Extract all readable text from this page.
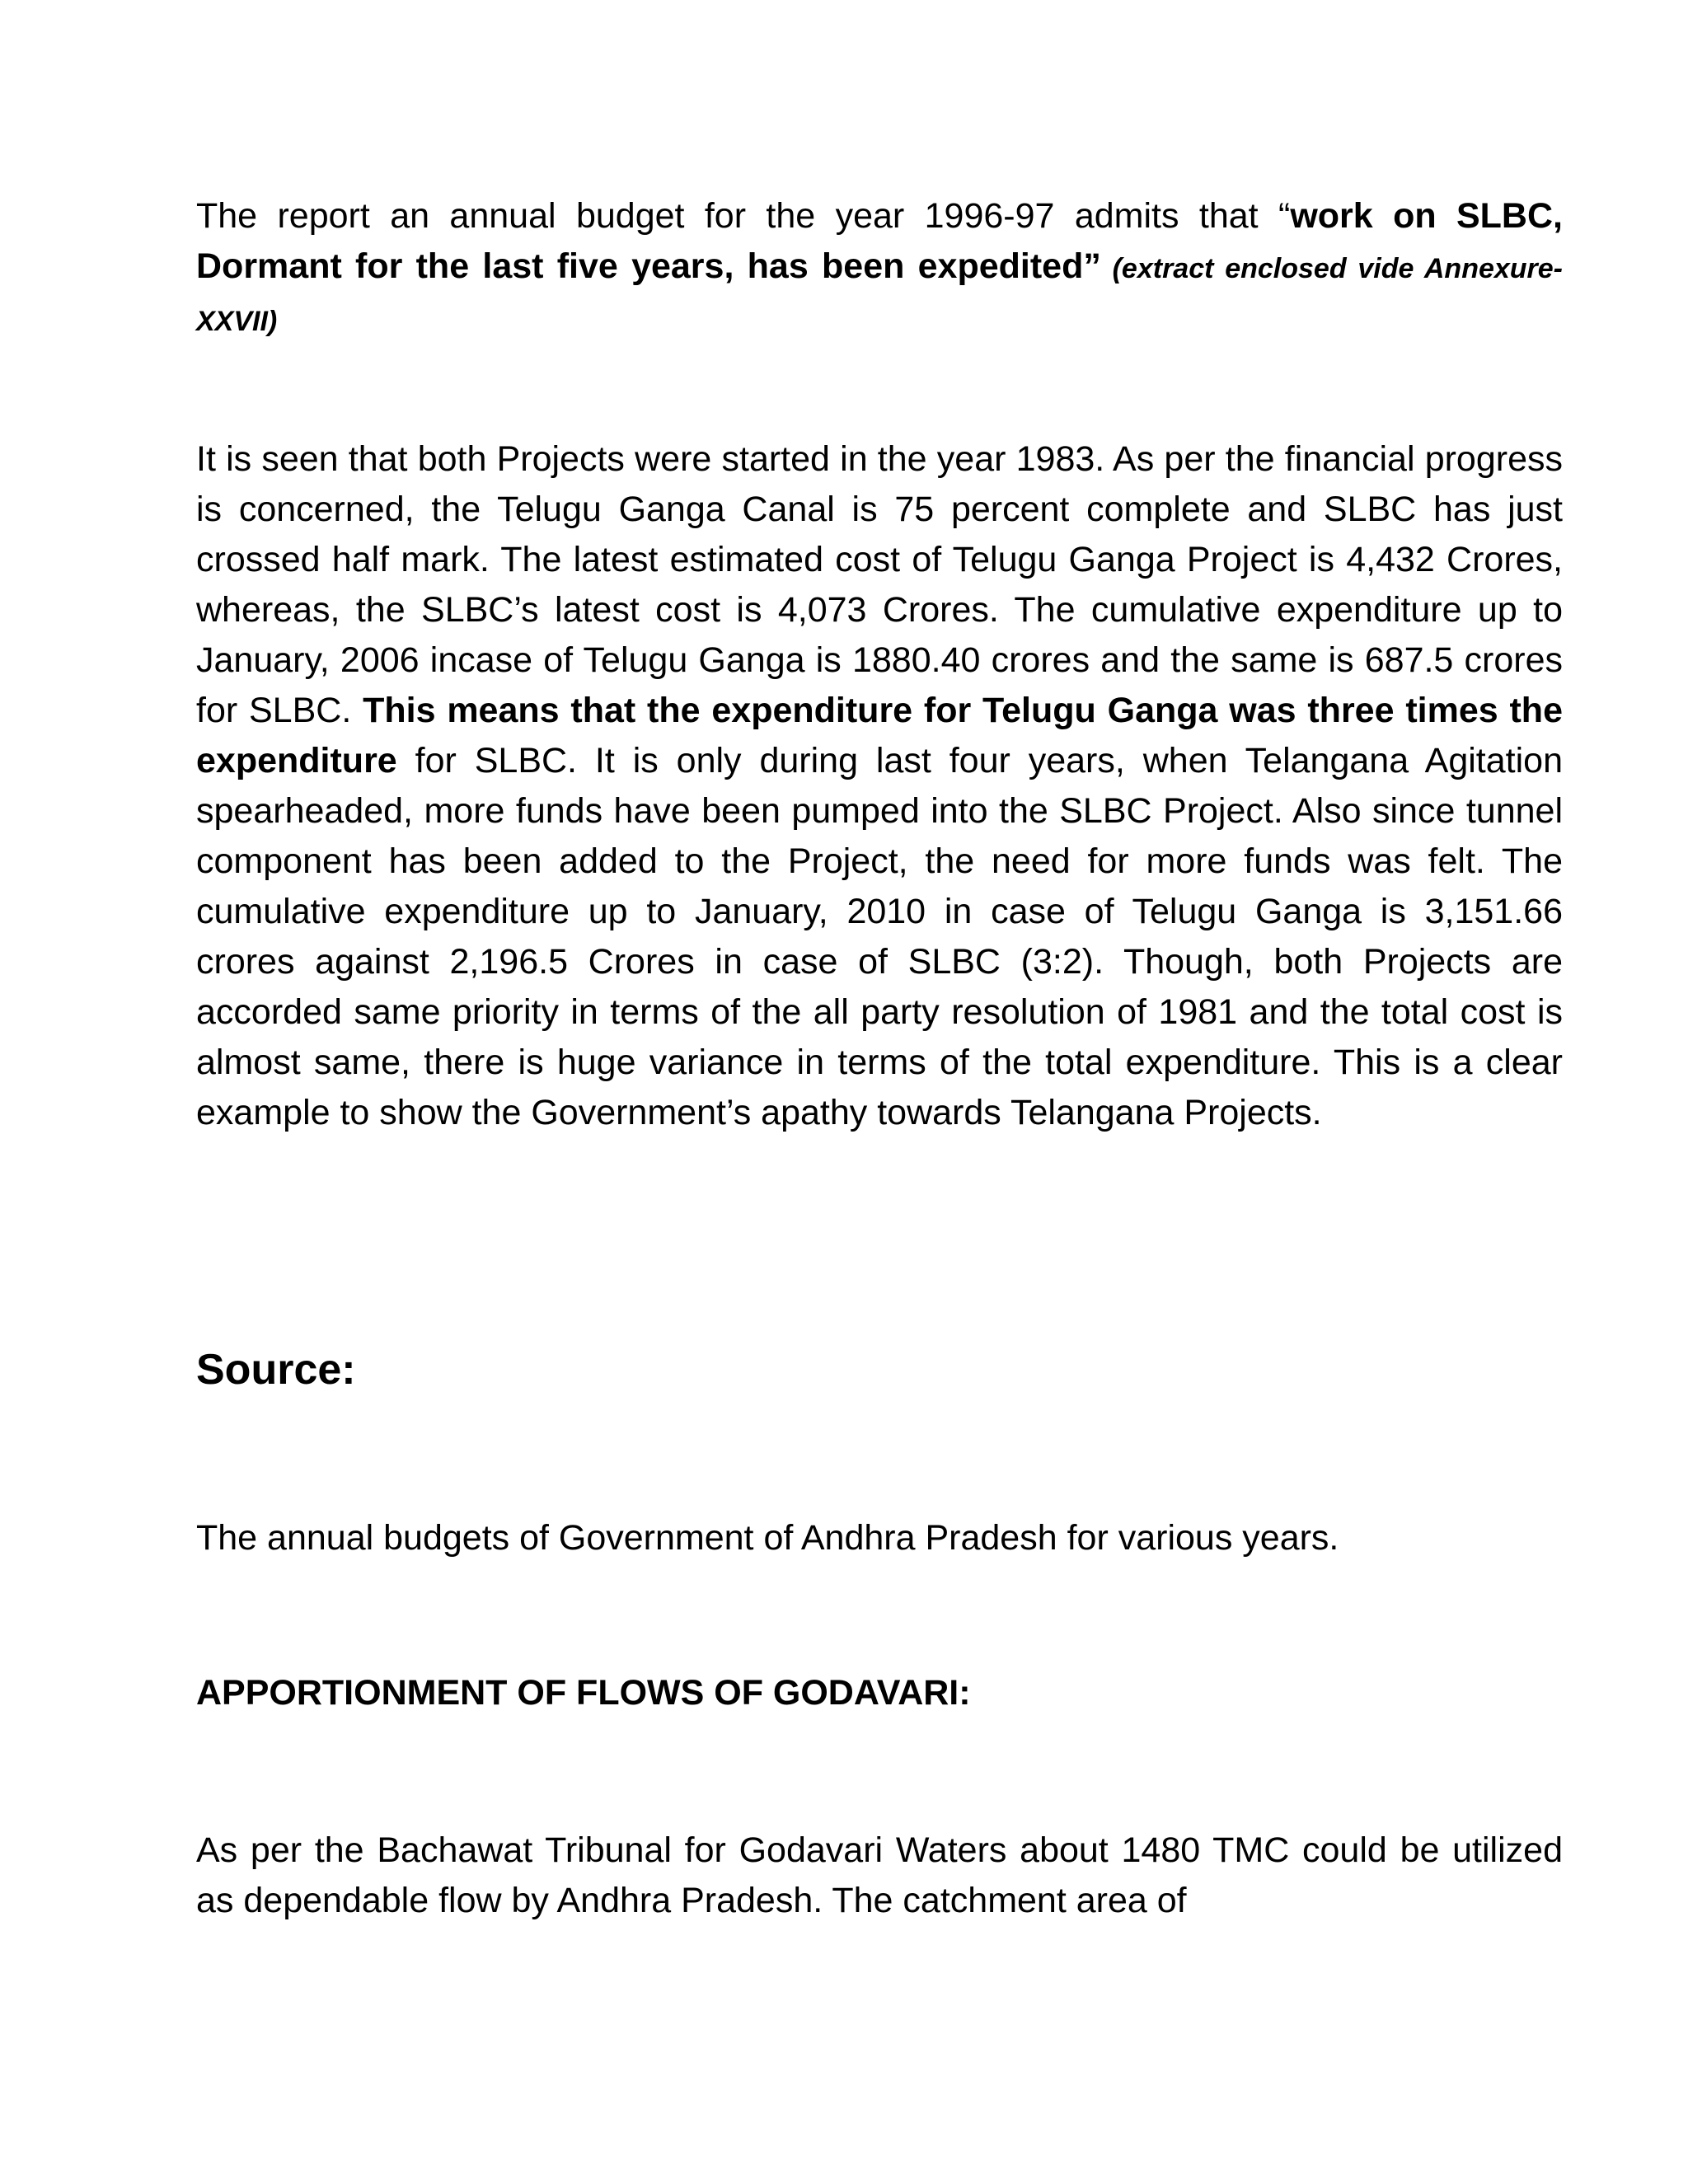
The report an annual budget for the year 1996-97 admits that “work on SLBC, Dormant for the last five years, has been expedited” (extract enclosed vide Annexure-XXVII)

It is seen that both Projects were started in the year 1983. As per the financial progress is concerned, the Telugu Ganga Canal is 75 percent complete and SLBC has just crossed half mark. The latest estimated cost of Telugu Ganga Project is 4,432 Crores, whereas, the SLBC’s latest cost is 4,073 Crores. The cumulative expenditure up to January, 2006 incase of Telugu Ganga is 1880.40 crores and the same is 687.5 crores for SLBC. This means that the expenditure for Telugu Ganga was three times the expenditure for SLBC. It is only during last four years, when Telangana Agitation spearheaded, more funds have been pumped into the SLBC Project. Also since tunnel component has been added to the Project, the need for more funds was felt. The cumulative expenditure up to January, 2010 in case of Telugu Ganga is 3,151.66 crores against 2,196.5 Crores in case of SLBC (3:2). Though, both Projects are accorded same priority in terms of the all party resolution of 1981 and the total cost is almost same, there is huge variance in terms of the total expenditure. This is a clear example to show the Government’s apathy towards Telangana Projects.

Source:

The annual budgets of Government of Andhra Pradesh for various years.

APPORTIONMENT OF FLOWS OF GODAVARI:

As per the Bachawat Tribunal for Godavari Waters about 1480 TMC could be utilized as dependable flow by Andhra Pradesh. The catchment area of
